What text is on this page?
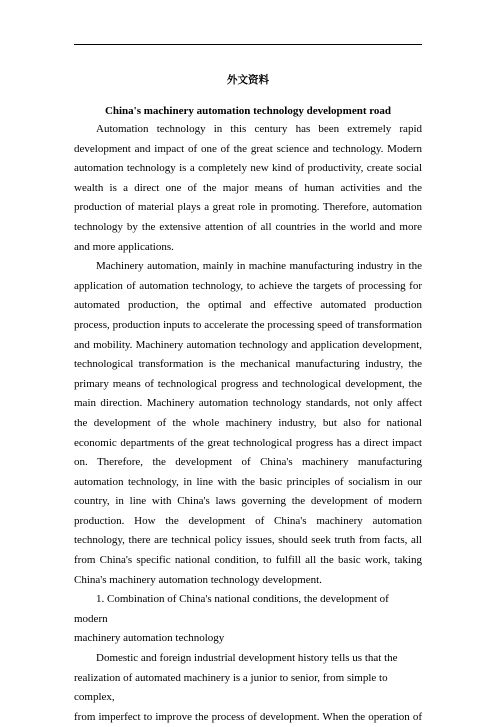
外文资料

China's machinery automation technology development road

Automation technology in this century has been extremely rapid development and impact of one of the great science and technology. Modern automation technology is a completely new kind of productivity, create social wealth is a direct one of the major means of human activities and the production of material plays a great role in promoting. Therefore, automation technology by the extensive attention of all countries in the world and more and more applications.

Machinery automation, mainly in machine manufacturing industry in the application of automation technology, to achieve the targets of processing for automated production, the optimal and effective automated production process, production inputs to accelerate the processing speed of transformation and mobility. Machinery automation technology and application development, technological transformation is the mechanical manufacturing industry, the primary means of technological progress and technological development, the main direction. Machinery automation technology standards, not only affect the development of the whole machinery industry, but also for national economic departments of the great technological progress has a direct impact on. Therefore, the development of China's machinery manufacturing automation technology, in line with the basic principles of socialism in our country, in line with China's laws governing the development of modern production. How the development of China's machinery automation technology, there are technical policy issues, should seek truth from facts, all from China's specific national condition, to fulfill all the basic work, taking China's machinery automation technology development.

1. Combination of China's national conditions, the development of modern
machinery automation technology

Domestic and foreign industrial development history tells us that the
realization of automated machinery is a junior to senior, from simple to complex,
from imperfect to improve the process of development. When the operation of
